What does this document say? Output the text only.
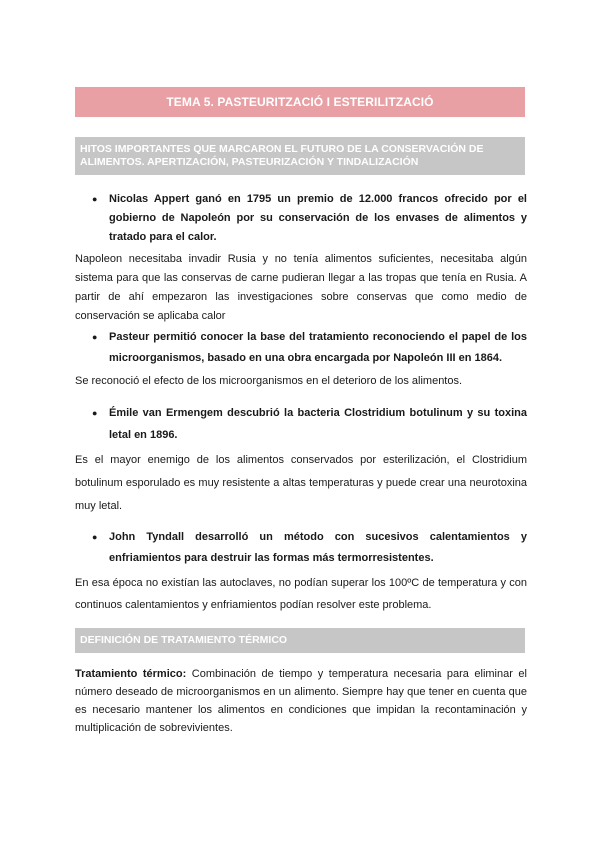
TEMA 5. PASTEURITZACIÓ I ESTERILITZACIÓ
HITOS IMPORTANTES QUE MARCARON EL FUTURO DE LA CONSERVACIÓN DE ALIMENTOS. APERTIZACIÓN, PASTEURIZACIÓN Y TINDALIZACIÓN
● Nicolas Appert ganó en 1795 un premio de 12.000 francos ofrecido por el gobierno de Napoleón por su conservación de los envases de alimentos y tratado para el calor.
Napoleon necesitaba invadir Rusia y no tenía alimentos suficientes, necesitaba algún sistema para que las conservas de carne pudieran llegar a las tropas que tenía en Rusia. A partir de ahí empezaron las investigaciones sobre conservas que como medio de conservación se aplicaba calor
● Pasteur permitió conocer la base del tratamiento reconociendo el papel de los microorganismos, basado en una obra encargada por Napoleón III en 1864.
Se reconoció el efecto de los microorganismos en el deterioro de los alimentos.
● Émile van Ermengem descubrió la bacteria Clostridium botulinum y su toxina letal en 1896.
Es el mayor enemigo de los alimentos conservados por esterilización, el Clostridium botulinum esporulado es muy resistente a altas temperaturas y puede crear una neurotoxina muy letal.
● John Tyndall desarrolló un método con sucesivos calentamientos y enfriamientos para destruir las formas más termorresistentes.
En esa época no existían las autoclaves, no podían superar los 100ºC de temperatura y con continuos calentamientos y enfriamientos podían resolver este problema.
DEFINICIÓN DE TRATAMIENTO TÉRMICO
Tratamiento térmico: Combinación de tiempo y temperatura necesaria para eliminar el número deseado de microorganismos en un alimento. Siempre hay que tener en cuenta que es necesario mantener los alimentos en condiciones que impidan la recontaminación y multiplicación de sobrevivientes.
